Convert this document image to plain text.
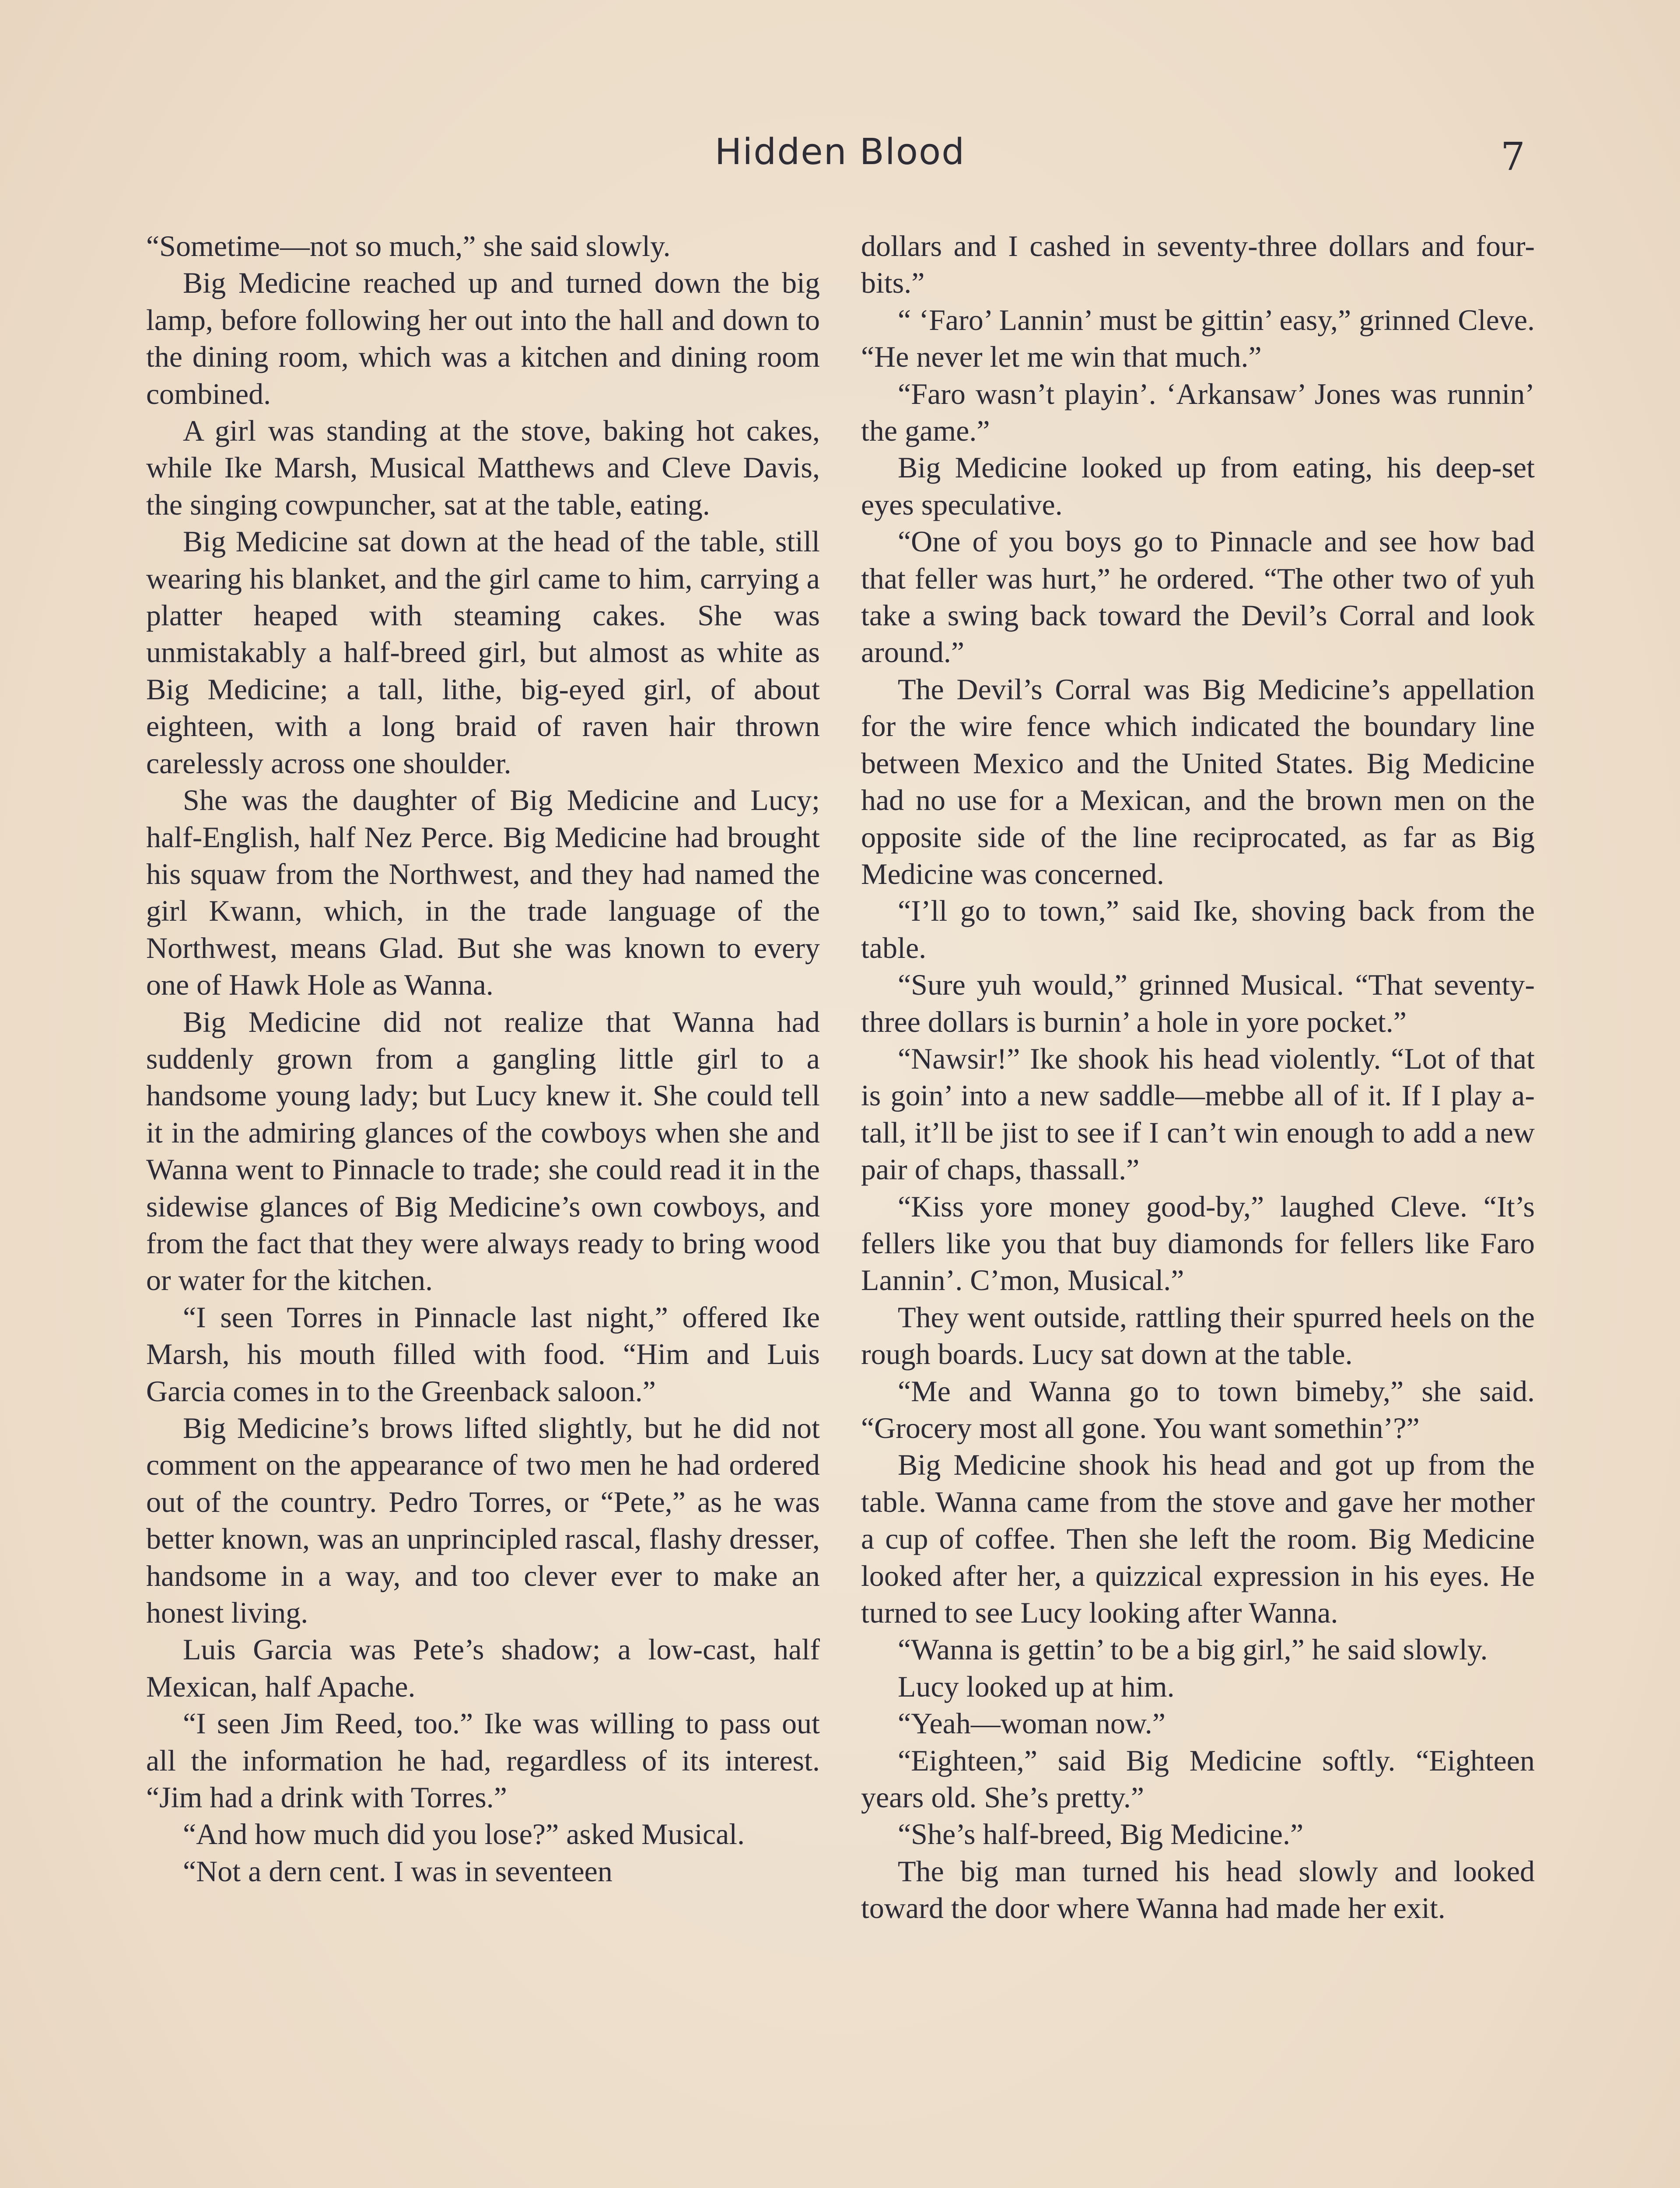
Hidden Blood	7

“Sometime—not so much,” she said slowly.

Big Medicine reached up and turned down the big lamp, before following her out into the hall and down to the dining room, which was a kitchen and dining room combined.

A girl was standing at the stove, baking hot cakes, while Ike Marsh, Musical Matthews and Cleve Davis, the singing cowpuncher, sat at the table, eating.

Big Medicine sat down at the head of the table, still wearing his blanket, and the girl came to him, carrying a platter heaped with steaming cakes. She was unmistakably a half-breed girl, but almost as white as Big Medicine; a tall, lithe, big-eyed girl, of about eighteen, with a long braid of raven hair thrown carelessly across one shoulder.

She was the daughter of Big Medicine and Lucy; half-English, half Nez Perce. Big Medicine had brought his squaw from the Northwest, and they had named the girl Kwann, which, in the trade language of the Northwest, means Glad. But she was known to every one of Hawk Hole as Wanna.

Big Medicine did not realize that Wanna had suddenly grown from a gangling little girl to a handsome young lady; but Lucy knew it. She could tell it in the admiring glances of the cowboys when she and Wanna went to Pinnacle to trade; she could read it in the sidewise glances of Big Medicine’s own cowboys, and from the fact that they were always ready to bring wood or water for the kitchen.

“I seen Torres in Pinnacle last night,” offered Ike Marsh, his mouth filled with food. “Him and Luis Garcia comes in to the Greenback saloon.”

Big Medicine’s brows lifted slightly, but he did not comment on the appearance of two men he had ordered out of the country. Pedro Torres, or “Pete,” as he was better known, was an unprincipled rascal, flashy dresser, handsome in a way, and too clever ever to make an honest living.

Luis Garcia was Pete’s shadow; a low-cast, half Mexican, half Apache.

“I seen Jim Reed, too.” Ike was willing to pass out all the information he had, regardless of its interest. “Jim had a drink with Torres.”

“And how much did you lose?” asked Musical.

“Not a dern cent. I was in seventeen

dollars and I cashed in seventy-three dollars and four-bits.”

“ ‘Faro’ Lannin’ must be gittin’ easy,” grinned Cleve. “He never let me win that much.”

“Faro wasn’t playin’. ‘Arkansaw’ Jones was runnin’ the game.”

Big Medicine looked up from eating, his deep-set eyes speculative.

“One of you boys go to Pinnacle and see how bad that feller was hurt,” he ordered. “The other two of yuh take a swing back toward the Devil’s Corral and look around.”

The Devil’s Corral was Big Medicine’s appellation for the wire fence which indicated the boundary line between Mexico and the United States. Big Medicine had no use for a Mexican, and the brown men on the opposite side of the line reciprocated, as far as Big Medicine was concerned.

“I’ll go to town,” said Ike, shoving back from the table.

“Sure yuh would,” grinned Musical. “That seventy-three dollars is burnin’ a hole in yore pocket.”

“Nawsir!” Ike shook his head violently. “Lot of that is goin’ into a new saddle—mebbe all of it. If I play a-tall, it’ll be jist to see if I can’t win enough to add a new pair of chaps, thassall.”

“Kiss yore money good-by,” laughed Cleve. “It’s fellers like you that buy diamonds for fellers like Faro Lannin’. C’mon, Musical.”

They went outside, rattling their spurred heels on the rough boards. Lucy sat down at the table.

“Me and Wanna go to town bimeby,” she said. “Grocery most all gone. You want somethin’?”

Big Medicine shook his head and got up from the table. Wanna came from the stove and gave her mother a cup of coffee. Then she left the room. Big Medicine looked after her, a quizzical expression in his eyes. He turned to see Lucy looking after Wanna.

“Wanna is gettin’ to be a big girl,” he said slowly.

Lucy looked up at him.

“Yeah—woman now.”

“Eighteen,” said Big Medicine softly. “Eighteen years old. She’s pretty.”

“She’s half-breed, Big Medicine.”

The big man turned his head slowly and looked toward the door where Wanna had made her exit.
